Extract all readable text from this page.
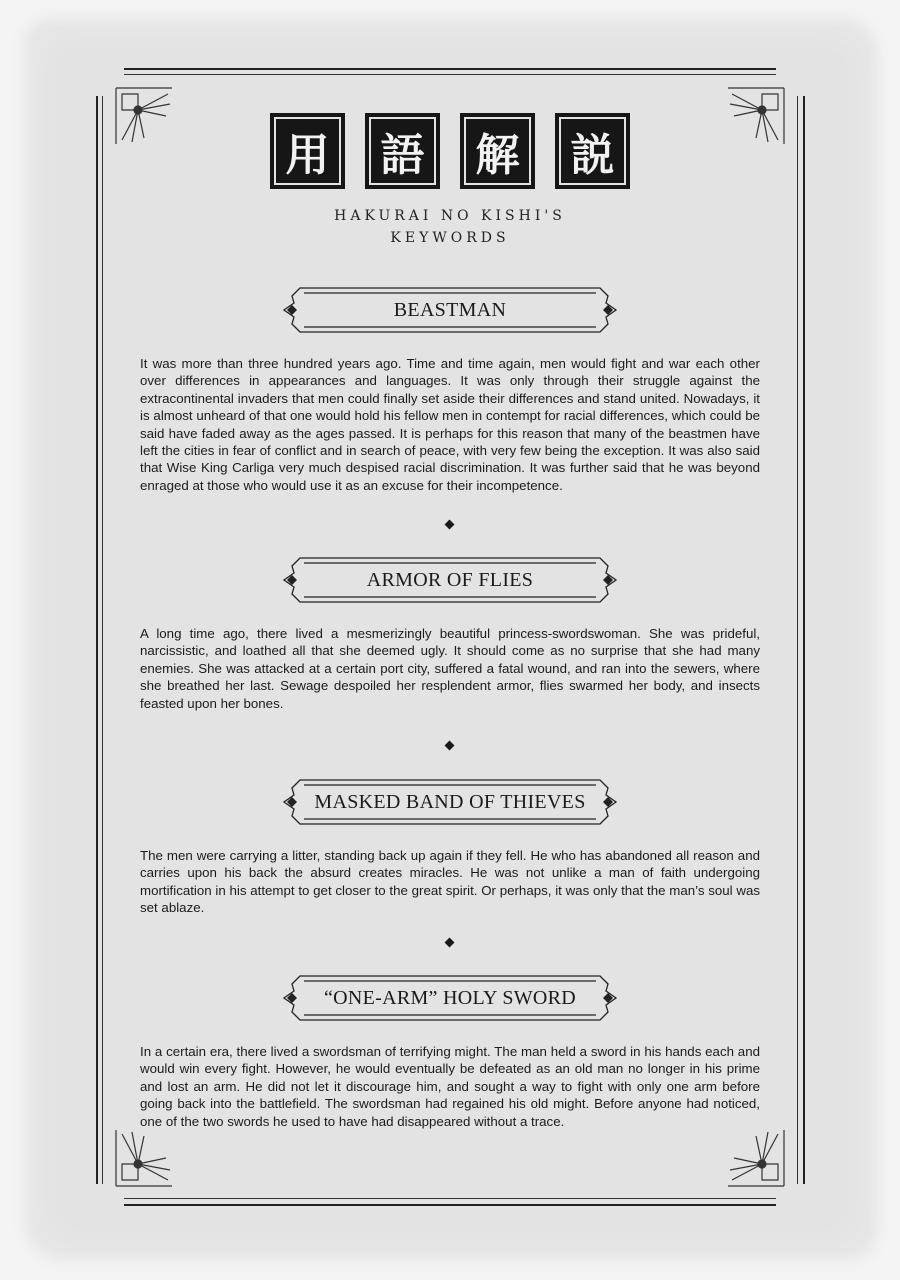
用	語	解	説
HAKURAI NO KISHI'S
KEYWORDS
BEASTMAN
It was more than three hundred years ago. Time and time again, men would fight and war each other over differences in appearances and languages. It was only through their struggle against the extracontinental invaders that men could finally set aside their differences and stand united. Nowadays, it is almost unheard of that one would hold his fellow men in contempt for racial differences, which could be said have faded away as the ages passed. It is perhaps for this reason that many of the beastmen have left the cities in fear of conflict and in search of peace, with very few being the exception. It was also said that Wise King Carliga very much despised racial discrimination. It was further said that he was beyond enraged at those who would use it as an excuse for their incompetence.
ARMOR OF FLIES
A long time ago, there lived a mesmerizingly beautiful princess-swordswoman. She was prideful, narcissistic, and loathed all that she deemed ugly. It should come as no surprise that she had many enemies. She was attacked at a certain port city, suffered a fatal wound, and ran into the sewers, where she breathed her last. Sewage despoiled her resplendent armor, flies swarmed her body, and insects feasted upon her bones.
MASKED BAND OF THIEVES
The men were carrying a litter, standing back up again if they fell. He who has abandoned all reason and carries upon his back the absurd creates miracles. He was not unlike a man of faith undergoing mortification in his attempt to get closer to the great spirit. Or perhaps, it was only that the man’s soul was set ablaze.
“ONE-ARM” HOLY SWORD
In a certain era, there lived a swordsman of terrifying might. The man held a sword in his hands each and would win every fight. However, he would eventually be defeated as an old man no longer in his prime and lost an arm. He did not let it discourage him, and sought a way to fight with only one arm before going back into the battlefield. The swordsman had regained his old might. Before anyone had noticed, one of the two swords he used to have had disappeared without a trace.
